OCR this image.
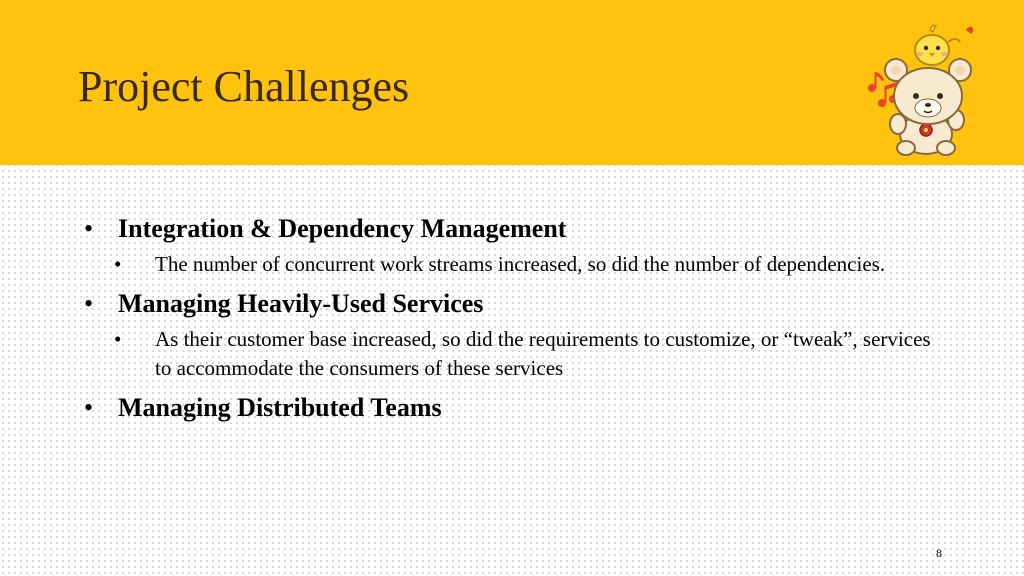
Project Challenges
• Integration & Dependency Management
• The number of concurrent work streams increased, so did the number of dependencies.
• Managing Heavily-Used Services
• As their customer base increased, so did the requirements to customize, or “tweak”, services to accommodate the consumers of these services
• Managing Distributed Teams
8
